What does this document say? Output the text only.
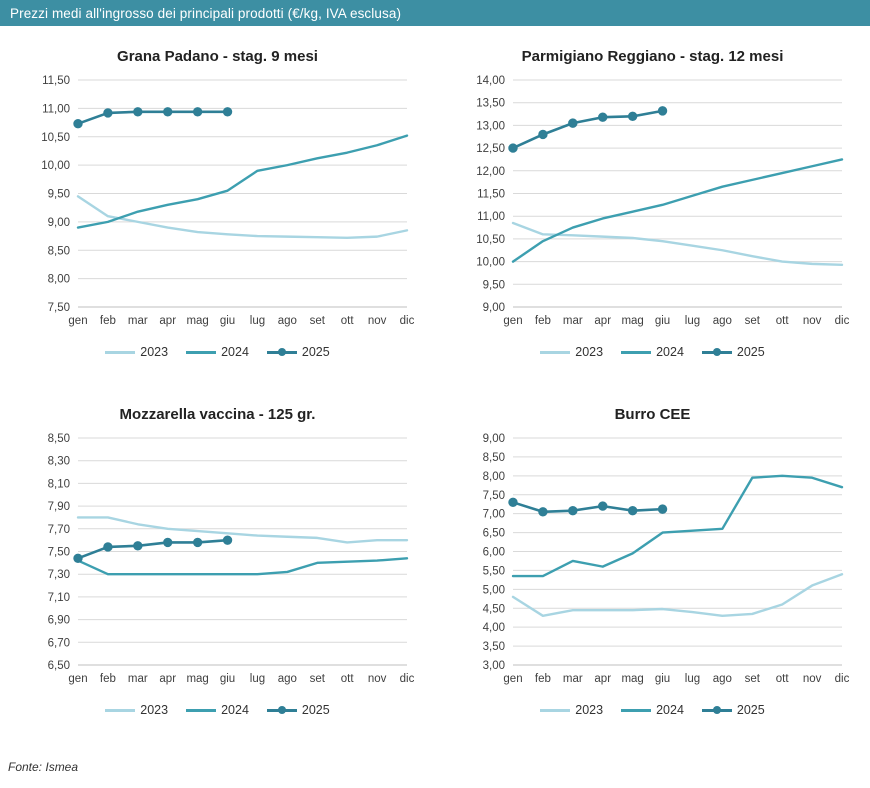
Prezzi medi all'ingrosso dei principali prodotti (€/kg, IVA esclusa)
Grana Padano - stag. 9 mesi
7,50
8,00
8,50
9,00
9,50
10,00
10,50
11,00
11,50
gen feb mar apr mag giu lug ago set ott nov dic
2023	2024	2025
Parmigiano Reggiano - stag. 12 mesi
9,00
9,50
10,00
10,50
11,00
11,50
12,00
12,50
13,00
13,50
14,00
gen feb mar apr mag giu lug ago set ott nov dic
2023	2024	2025
Mozzarella vaccina - 125 gr.
6,50
6,70
6,90
7,10
7,30
7,50
7,70
7,90
8,10
8,30
8,50
gen feb mar apr mag giu lug ago set ott nov dic
2023	2024	2025
Burro CEE
3,00
3,50
4,00
4,50
5,00
5,50
6,00
6,50
7,00
7,50
8,00
8,50
9,00
gen feb mar apr mag giu lug ago set ott nov dic
2023	2024	2025
Fonte: Ismea
